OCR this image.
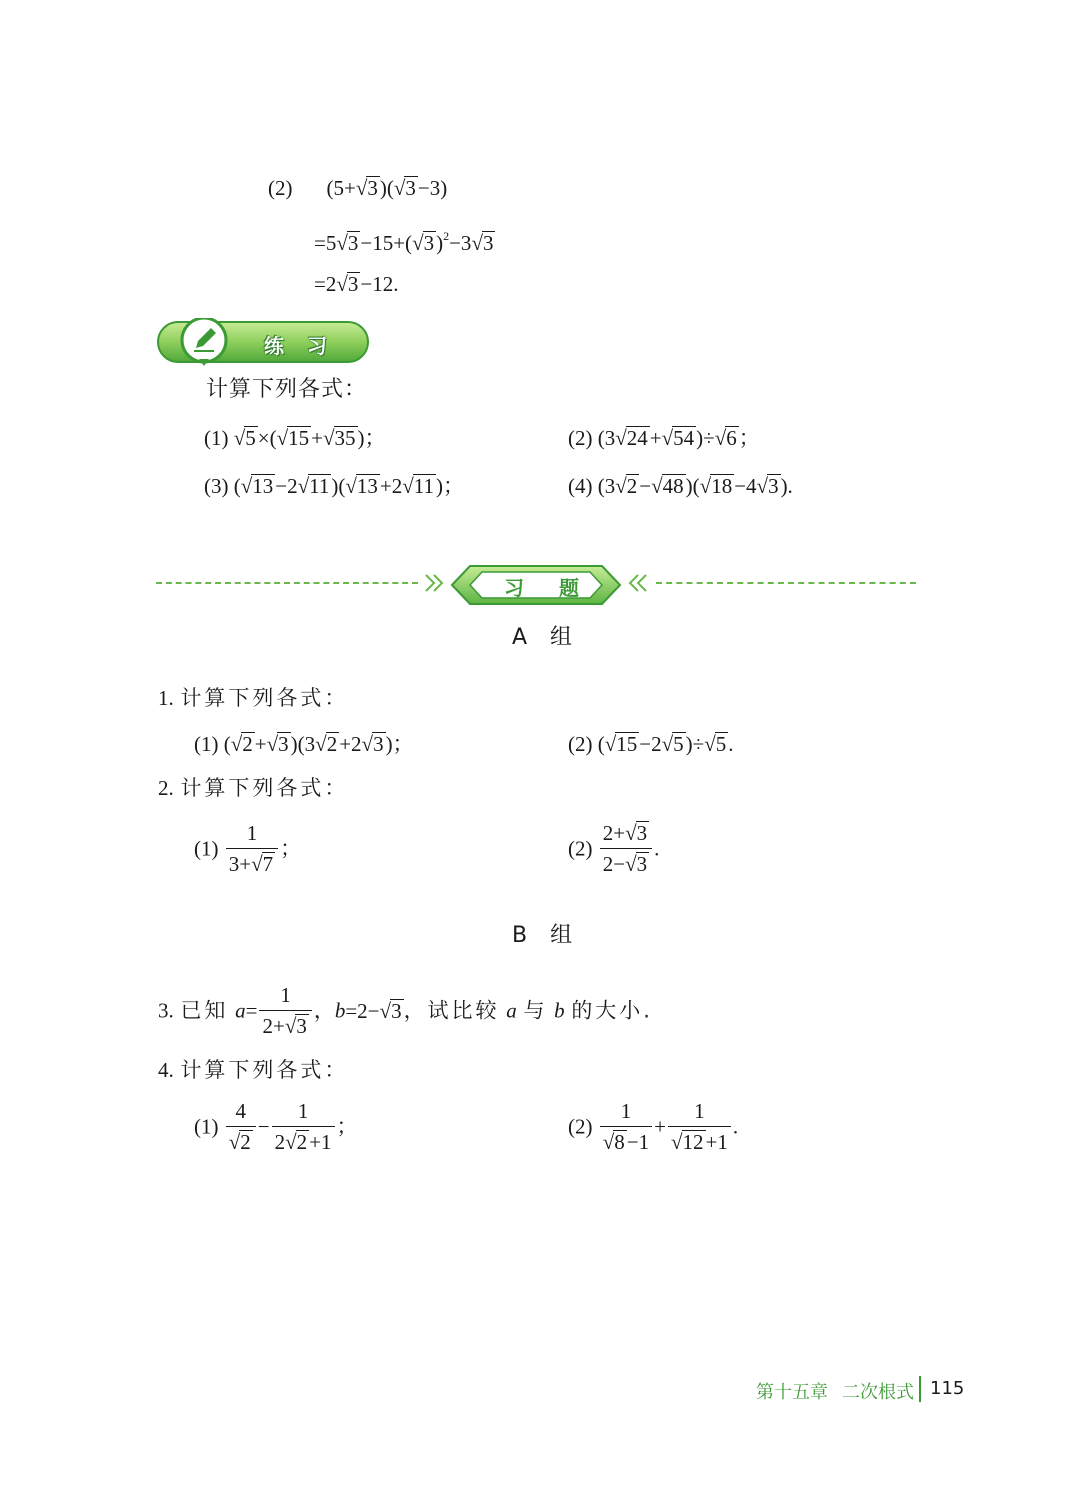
(2) (5+√3)(√3−3)
$=5√3-15+(√3)^2-3√3$
=2√3−12.
练 习
计算下列各式：
(1) √5×(√15+√35)；	(2) (3√24+√54)÷√6；
(3) (√13−2√11)(√13+2√11)；	(4) (3√2−√48)(√18−4√3).
习 题
A 组
1. 计算下列各式：
(1) (√2+√3)(3√2+2√3)；	(2) (√15−2√5)÷√5.
2. 计算下列各式：
$(1) \frac{1}{3+√7}$ ；	$(2) \frac{2+√3}{2-√3}$ .
B 组
3. 已知 $a= \frac{1}{2+√3}$ ，b=2−√3，试比较 a 与 b 的大小.
4. 计算下列各式：
$(1) \frac{4}{√2} - \frac{1}{2√2+1}$ ；	$(2) \frac{1}{√8-1} + \frac{1}{√12+1}$ .
第十五章 二次根式 115
